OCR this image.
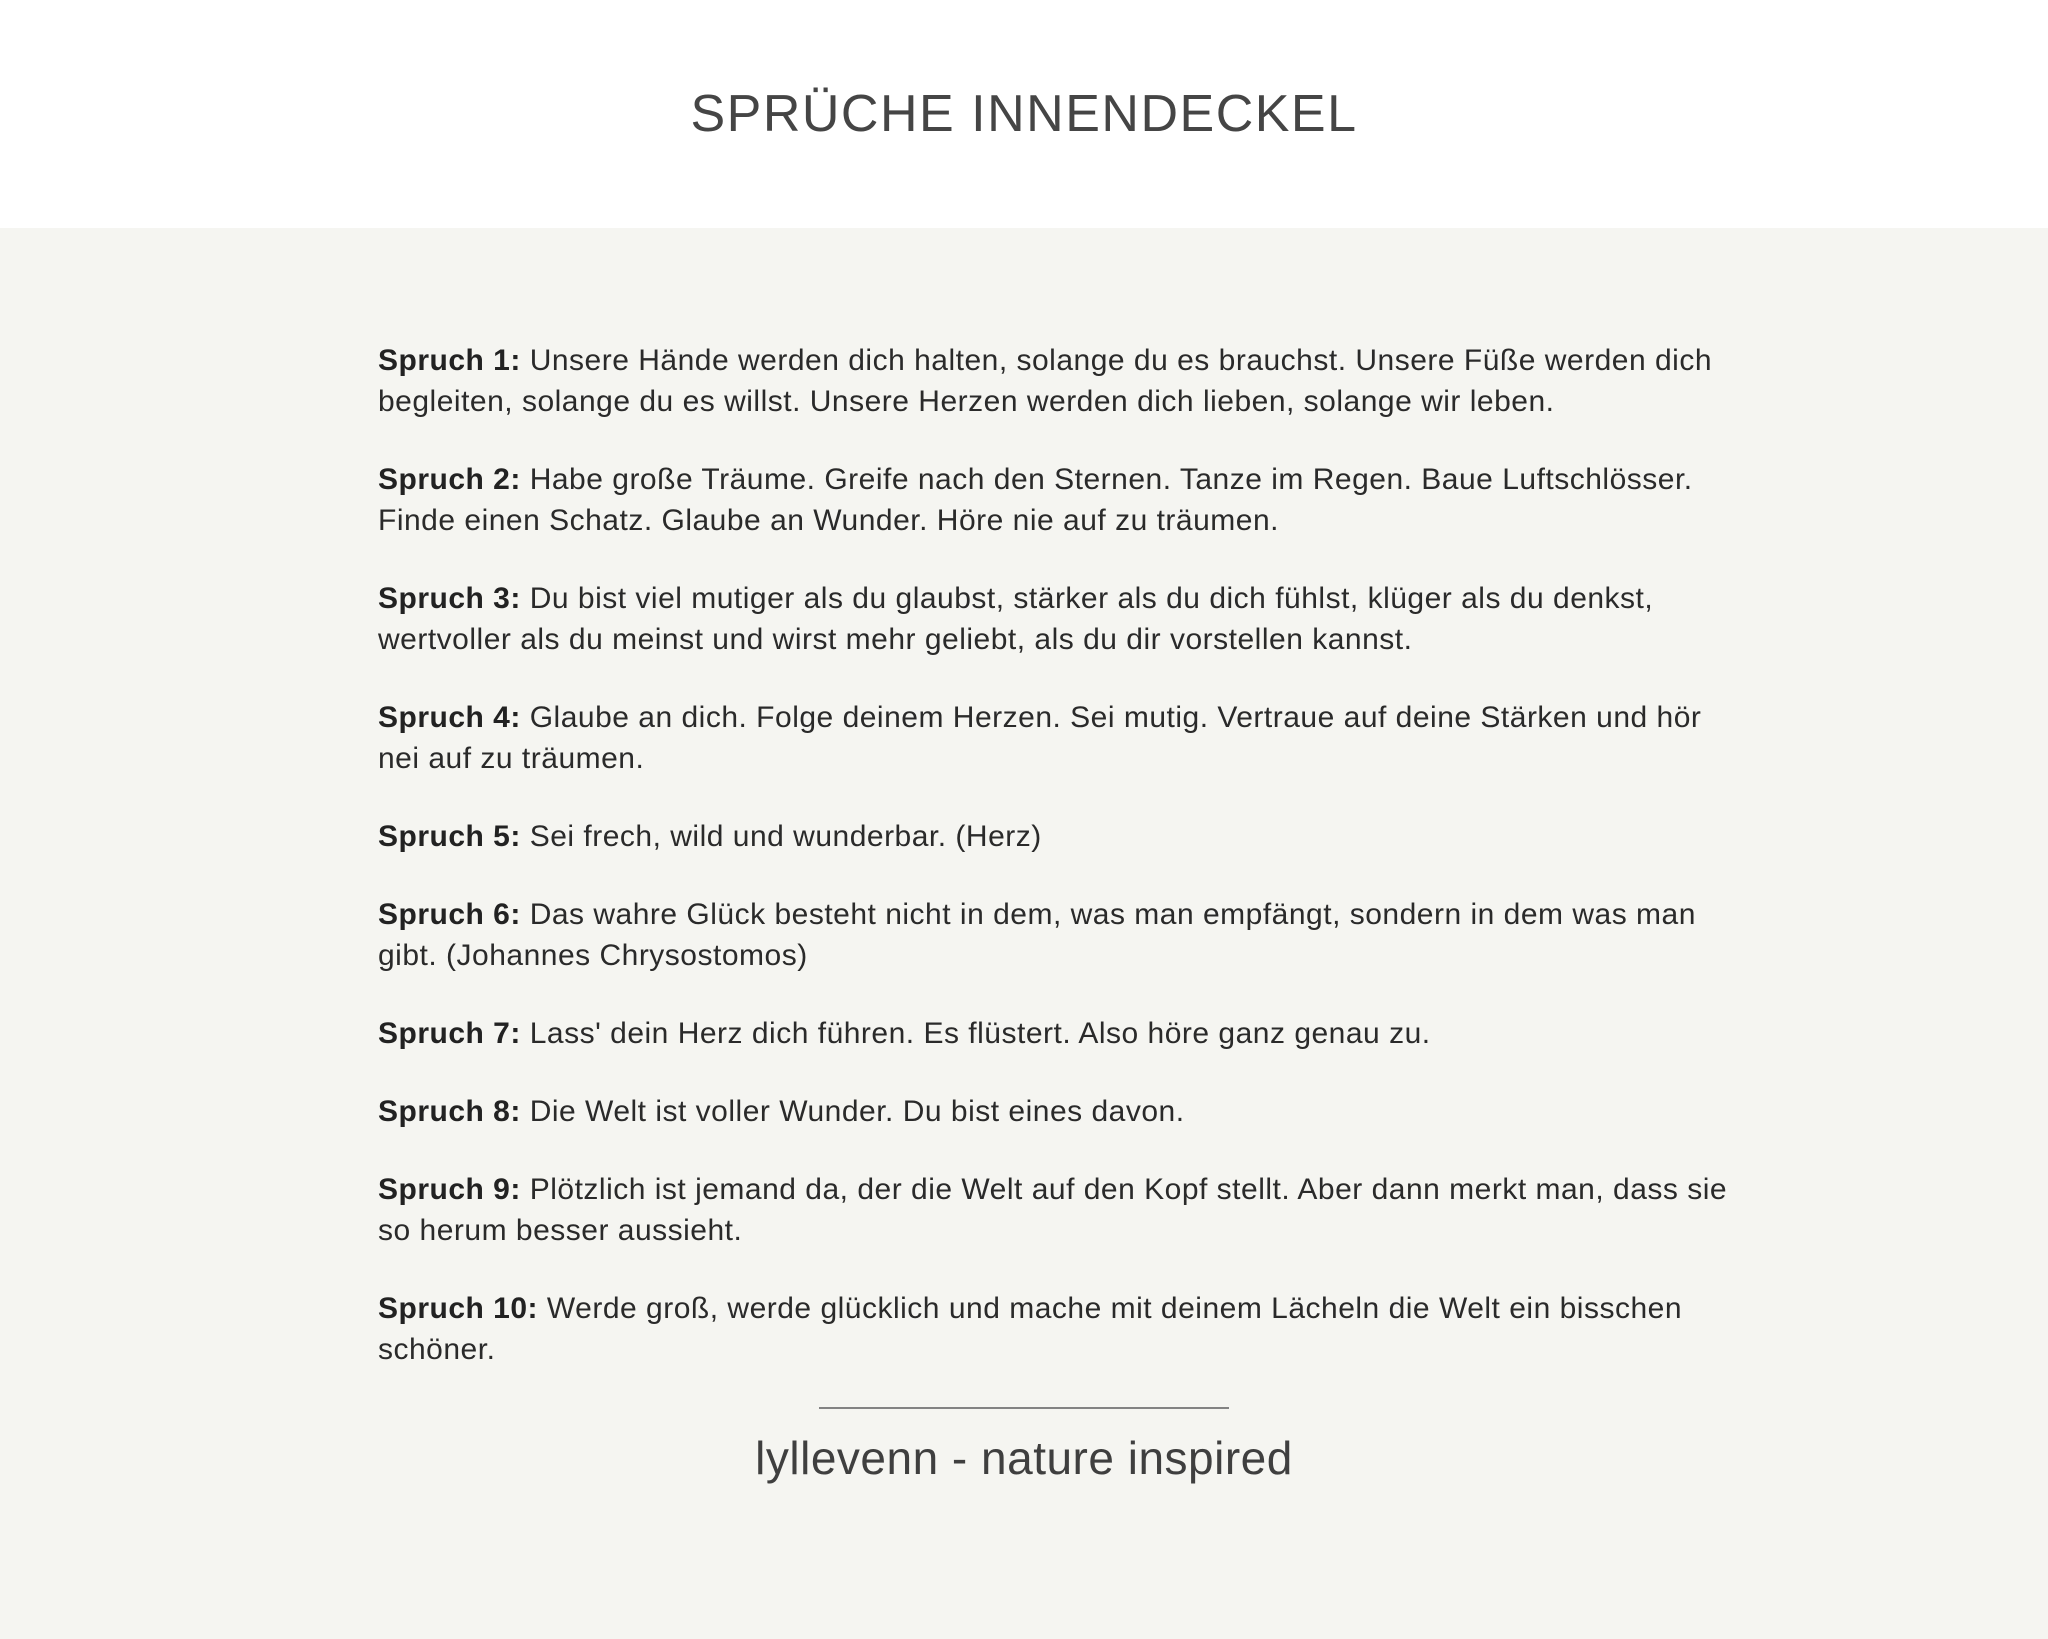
SPRÜCHE INNENDECKEL

Spruch 1: Unsere Hände werden dich halten, solange du es brauchst. Unsere Füße werden dich begleiten, solange du es willst. Unsere Herzen werden dich lieben, solange wir leben.

Spruch 2: Habe große Träume. Greife nach den Sternen. Tanze im Regen. Baue Luftschlösser. Finde einen Schatz. Glaube an Wunder. Höre nie auf zu träumen.

Spruch 3: Du bist viel mutiger als du glaubst, stärker als du dich fühlst, klüger als du denkst, wertvoller als du meinst und wirst mehr geliebt, als du dir vorstellen kannst.

Spruch 4: Glaube an dich. Folge deinem Herzen. Sei mutig. Vertraue auf deine Stärken und hör nei auf zu träumen.

Spruch 5: Sei frech, wild und wunderbar. (Herz)

Spruch 6: Das wahre Glück besteht nicht in dem, was man empfängt, sondern in dem was man gibt. (Johannes Chrysostomos)

Spruch 7: Lass' dein Herz dich führen. Es flüstert. Also höre ganz genau zu.

Spruch 8: Die Welt ist voller Wunder. Du bist eines davon.

Spruch 9: Plötzlich ist jemand da, der die Welt auf den Kopf stellt. Aber dann merkt man, dass sie so herum besser aussieht.

Spruch 10: Werde groß, werde glücklich und mache mit deinem Lächeln die Welt ein bisschen schöner.

lyllevenn - nature inspired
